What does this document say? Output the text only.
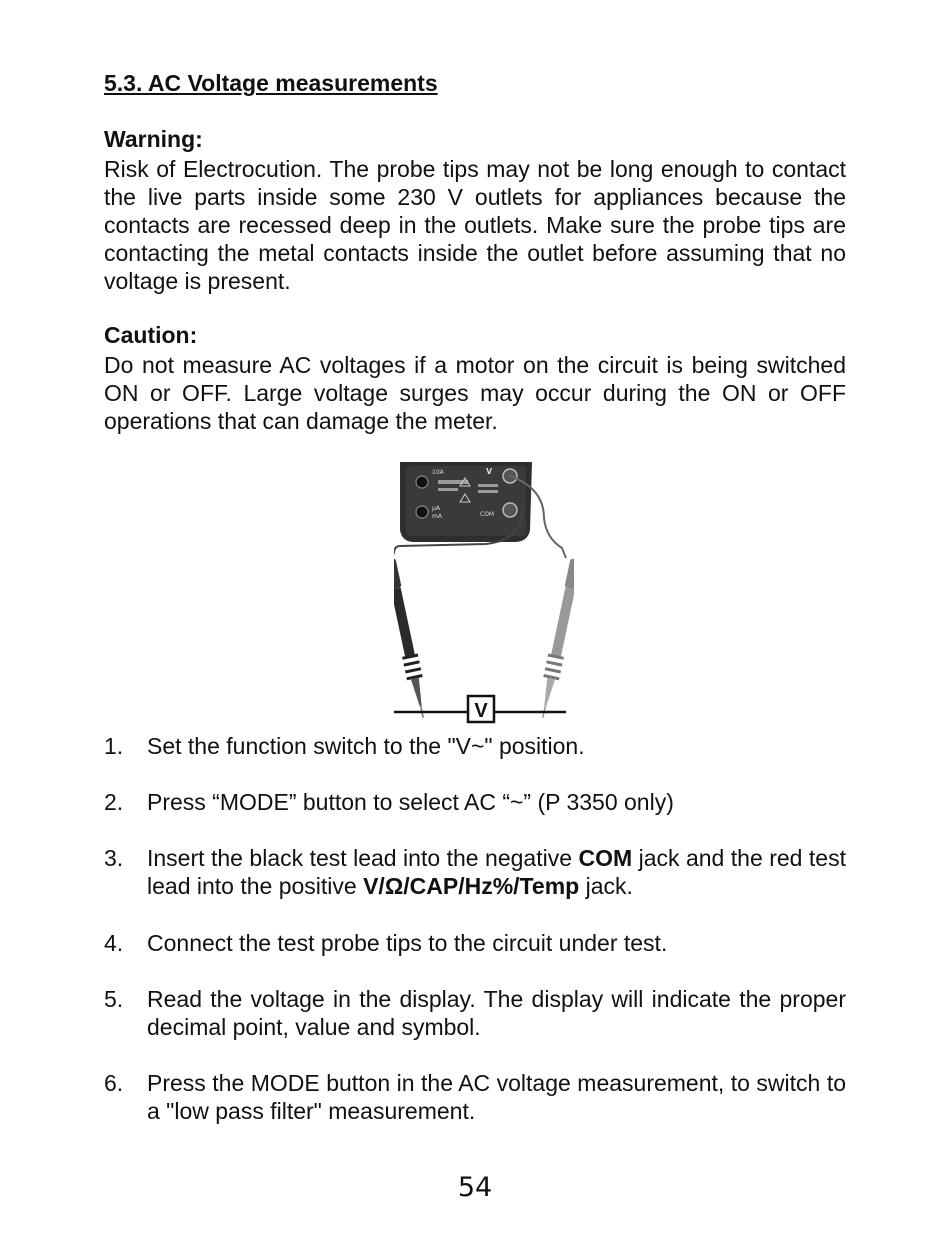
5.3. AC Voltage measurements

Warning:

Risk of Electrocution. The probe tips may not be long enough to contact the live parts inside some 230 V outlets for appliances because the contacts are recessed deep in the outlets. Make sure the probe tips are contacting the metal contacts inside the outlet before assuming that no voltage is present.

Caution:

Do not measure AC voltages if a motor on the circuit is being switched ON or OFF. Large voltage surges may occur during the ON or OFF operations that can damage the meter.

10A	V
COM
µA
mA
V
1.	Set the function switch to the "V~" position.
2.	Press “MODE” button to select AC “~” (P 3350 only)
3.	Insert the black test lead into the negative COM jack and the red test lead into the positive V/Ω/CAP/Hz%/Temp jack.
4.	Connect the test probe tips to the circuit under test.
5.	Read the voltage in the display. The display will indicate the proper decimal point, value and symbol.
6.	Press the MODE button in the AC voltage measurement, to switch to a "low pass filter" measurement.
54
